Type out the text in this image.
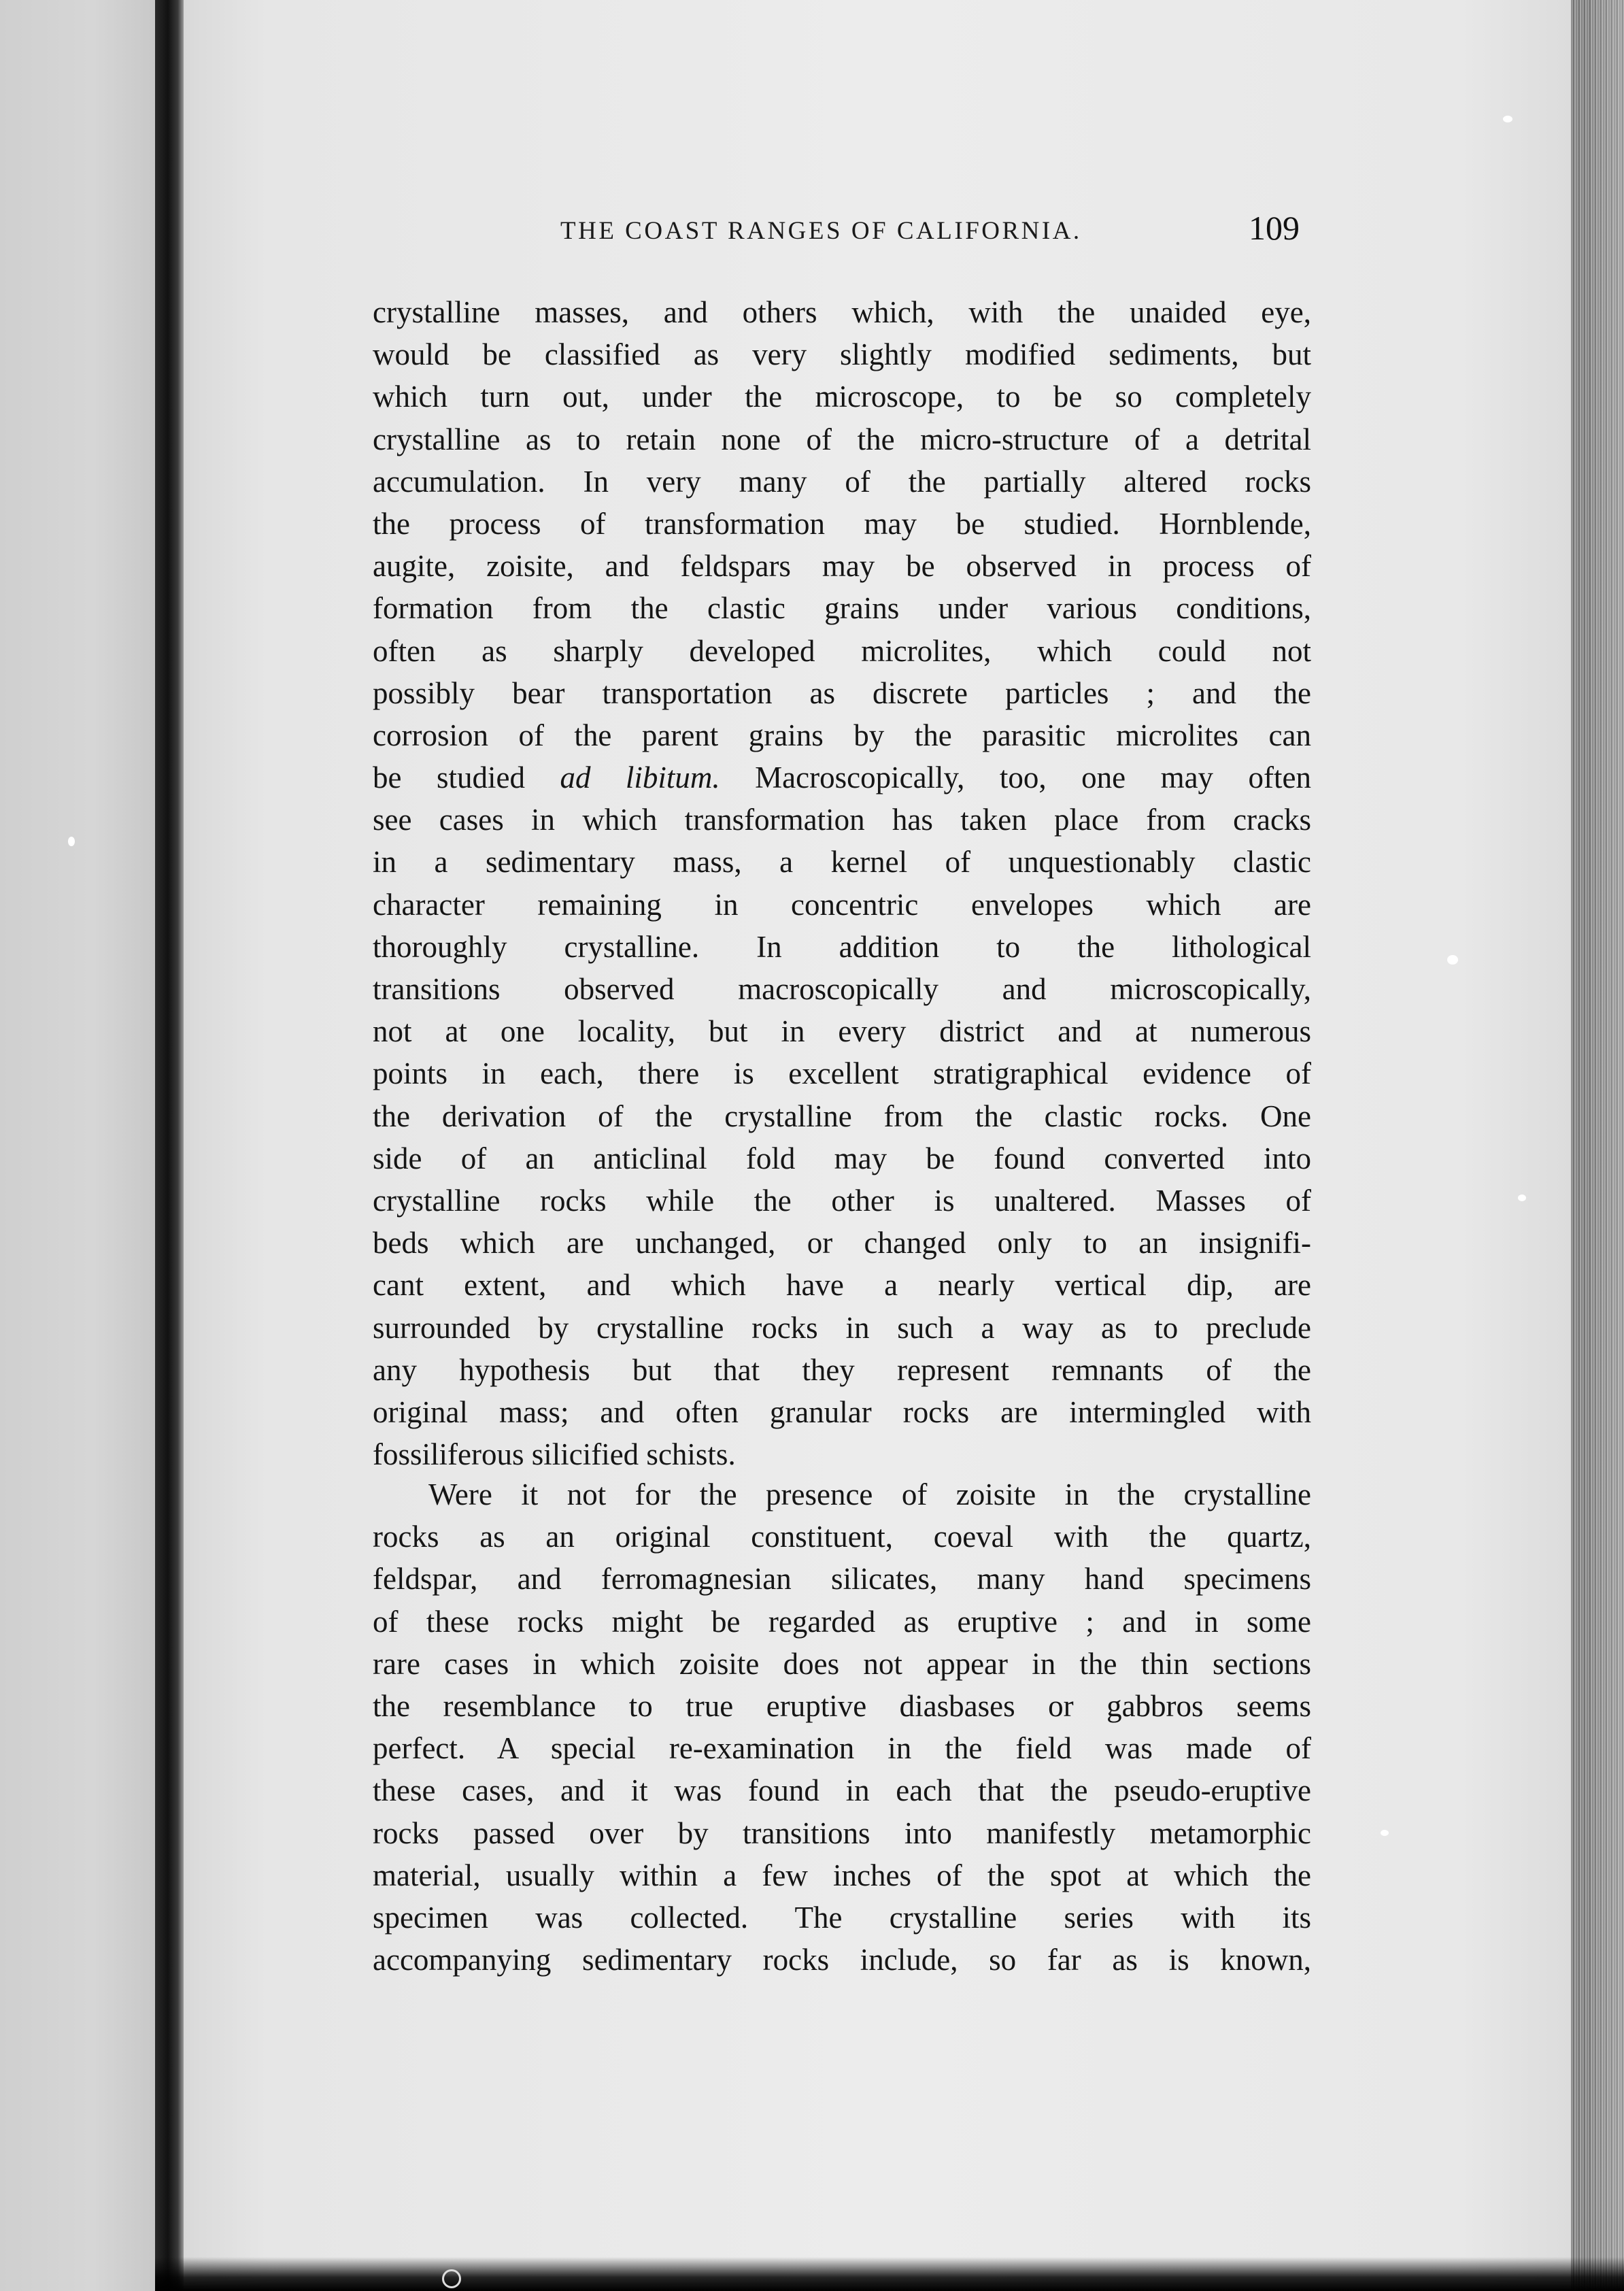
THE COAST RANGES OF CALIFORNIA.	109
crystalline masses, and others which, with the unaided eye,
would be classified as very slightly modified sediments, but
which turn out, under the microscope, to be so completely
crystalline as to retain none of the micro-structure of a detrital
accumulation. In very many of the partially altered rocks
the process of transformation may be studied. Hornblende,
augite, zoisite, and feldspars may be observed in process of
formation from the clastic grains under various conditions,
often as sharply developed microlites, which could not
possibly bear transportation as discrete particles ; and the
corrosion of the parent grains by the parasitic microlites can
be studied ad libitum. Macroscopically, too, one may often
see cases in which transformation has taken place from cracks
in a sedimentary mass, a kernel of unquestionably clastic
character remaining in concentric envelopes which are
thoroughly crystalline. In addition to the lithological
transitions observed macroscopically and microscopically,
not at one locality, but in every district and at numerous
points in each, there is excellent stratigraphical evidence of
the derivation of the crystalline from the clastic rocks. One
side of an anticlinal fold may be found converted into
crystalline rocks while the other is unaltered. Masses of
beds which are unchanged, or changed only to an insignifi-
cant extent, and which have a nearly vertical dip, are
surrounded by crystalline rocks in such a way as to preclude
any hypothesis but that they represent remnants of the
original mass; and often granular rocks are intermingled with
fossiliferous silicified schists.
Were it not for the presence of zoisite in the crystalline
rocks as an original constituent, coeval with the quartz,
feldspar, and ferromagnesian silicates, many hand specimens
of these rocks might be regarded as eruptive ; and in some
rare cases in which zoisite does not appear in the thin sections
the resemblance to true eruptive diasbases or gabbros seems
perfect. A special re-examination in the field was made of
these cases, and it was found in each that the pseudo-eruptive
rocks passed over by transitions into manifestly metamorphic
material, usually within a few inches of the spot at which the
specimen was collected. The crystalline series with its
accompanying sedimentary rocks include, so far as is known,
